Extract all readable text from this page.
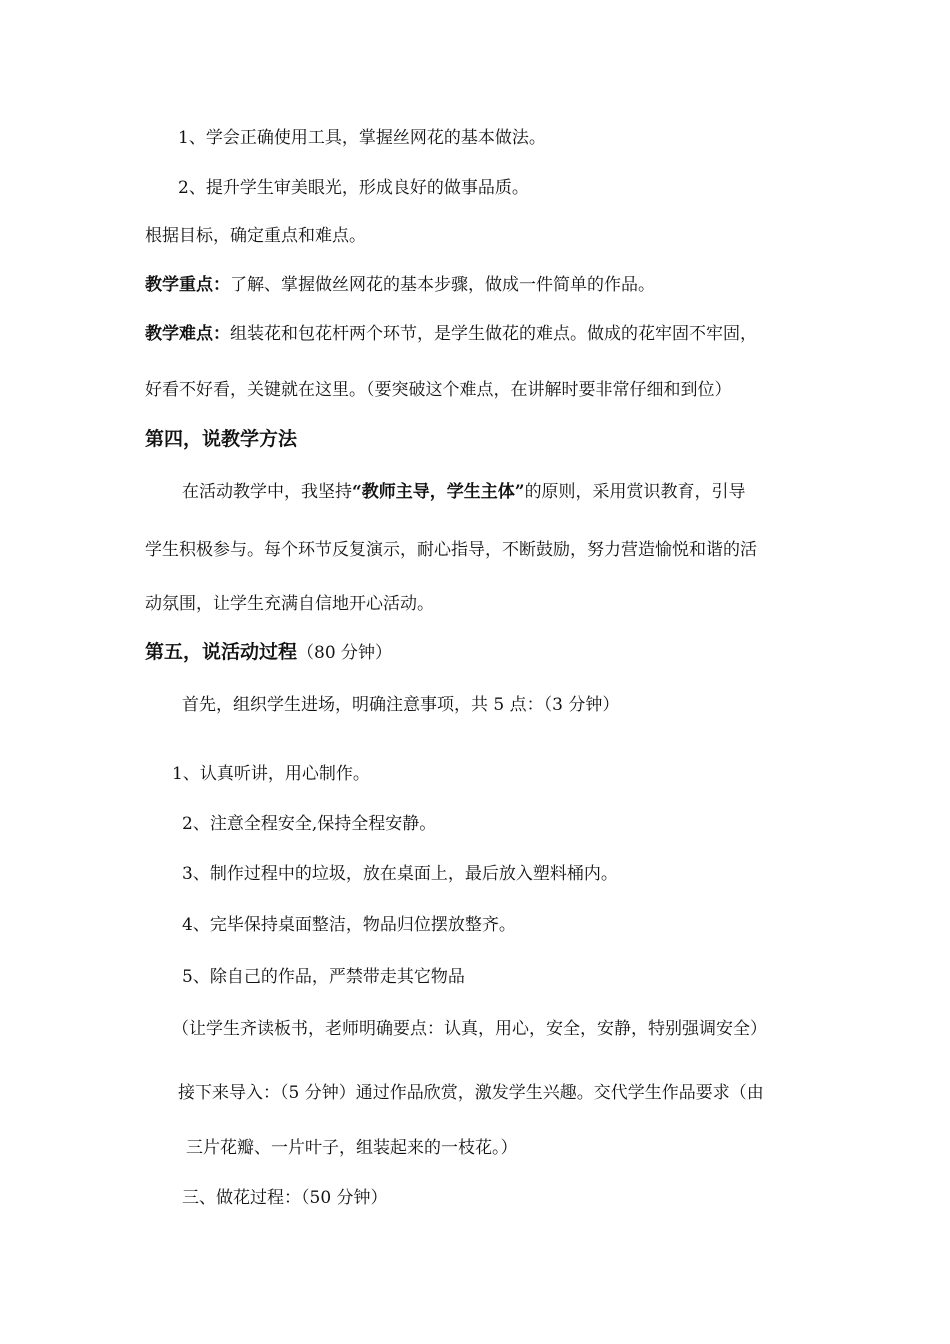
1、学会正确使用工具，掌握丝网花的基本做法。
2、提升学生审美眼光，形成良好的做事品质。
根据目标，确定重点和难点。
教学重点：了解、掌握做丝网花的基本步骤，做成一件简单的作品。
教学难点：组装花和包花杆两个环节，是学生做花的难点。做成的花牢固不牢固，
好看不好看，关键就在这里。（要突破这个难点，在讲解时要非常仔细和到位）
第四，说教学方法
在活动教学中，我坚持“教师主导，学生主体”的原则，采用赏识教育，引导
学生积极参与。每个环节反复演示，耐心指导，不断鼓励，努力营造愉悦和谐的活
动氛围，让学生充满自信地开心活动。
第五，说活动过程（80 分钟）
首先，组织学生进场，明确注意事项，共 5 点：（3 分钟）
1、认真听讲，用心制作。
2、注意全程安全,保持全程安静。
3、制作过程中的垃圾，放在桌面上，最后放入塑料桶内。
4、完毕保持桌面整洁，物品归位摆放整齐。
5、除自己的作品，严禁带走其它物品
（让学生齐读板书，老师明确要点：认真，用心，安全，安静，特别强调安全）
接下来导入：（5 分钟）通过作品欣赏，激发学生兴趣。交代学生作品要求（由
三片花瓣、一片叶子，组装起来的一枝花。）
三、做花过程：（50 分钟）
